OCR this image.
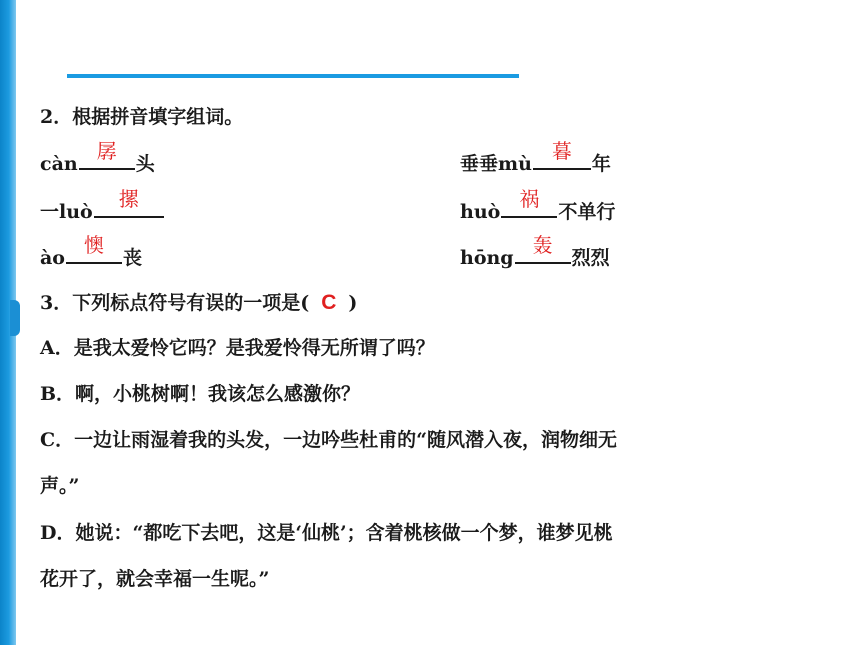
2．根据拼音填字组词。
càn
孱
头	垂垂mù
暮
年
一luò
摞
huò
祸
不单行
ào
懊
丧	hōng
轰
烈烈
3．下列标点符号有误的一项是( C )
A．是我太爱怜它吗？是我爱怜得无所谓了吗？
B．啊，小桃树啊！我该怎么感激你？
C．一边让雨湿着我的头发，一边吟些杜甫的“随风潜入夜，润物细无
声。”
D．她说：“都吃下去吧，这是‘仙桃’；含着桃核做一个梦，谁梦见桃
花开了，就会幸福一生呢。”
